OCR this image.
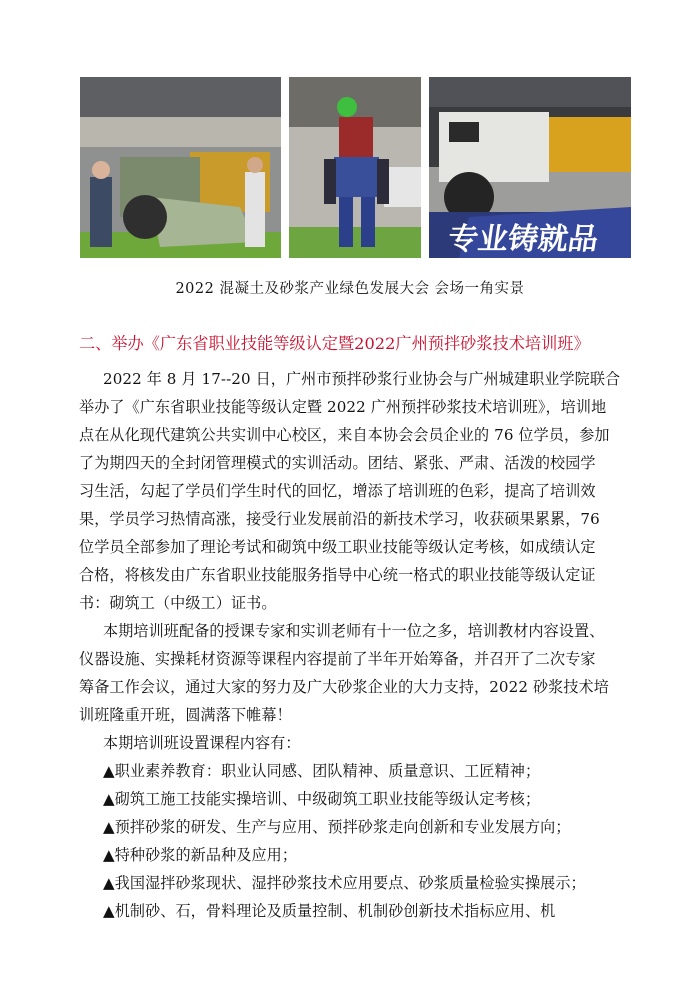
专业铸就品
2022 混凝土及砂浆产业绿色发展大会 会场一角实景
二、举办《广东省职业技能等级认定暨2022广州预拌砂浆技术培训班》
2022 年 8 月 17--20 日，广州市预拌砂浆行业协会与广州城建职业学院联合
举办了《广东省职业技能等级认定暨 2022 广州预拌砂浆技术培训班》，培训地
点在从化现代建筑公共实训中心校区，来自本协会会员企业的 76 位学员，参加
了为期四天的全封闭管理模式的实训活动。团结、紧张、严肃、活泼的校园学
习生活，勾起了学员们学生时代的回忆，增添了培训班的色彩，提高了培训效
果，学员学习热情高涨，接受行业发展前沿的新技术学习，收获硕果累累，76
位学员全部参加了理论考试和砌筑中级工职业技能等级认定考核，如成绩认定
合格，将核发由广东省职业技能服务指导中心统一格式的职业技能等级认定证
书：砌筑工（中级工）证书。
本期培训班配备的授课专家和实训老师有十一位之多，培训教材内容设置、
仪器设施、实操耗材资源等课程内容提前了半年开始筹备，并召开了二次专家
筹备工作会议，通过大家的努力及广大砂浆企业的大力支持，2022 砂浆技术培
训班隆重开班，圆满落下帷幕！
本期培训班设置课程内容有：
▲职业素养教育：职业认同感、团队精神、质量意识、工匠精神；
▲砌筑工施工技能实操培训、中级砌筑工职业技能等级认定考核；
▲预拌砂浆的研发、生产与应用、预拌砂浆走向创新和专业发展方向；
▲特种砂浆的新品种及应用；
▲我国湿拌砂浆现状、湿拌砂浆技术应用要点、砂浆质量检验实操展示；
▲机制砂、石，骨料理论及质量控制、机制砂创新技术指标应用、机
